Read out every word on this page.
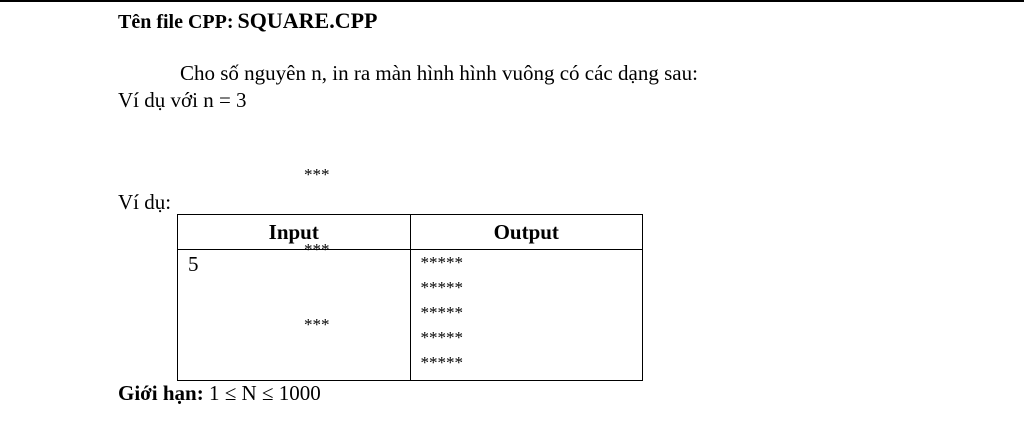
Tên file CPP: SQUARE.CPP
Cho số nguyên n, in ra màn hình hình vuông có các dạng sau:
Ví dụ với n = 3

***

***

***

Ví dụ:
Input	Output
5	*****
*****
*****
*****
*****
Giới hạn: 1 ≤ N ≤ 1000
